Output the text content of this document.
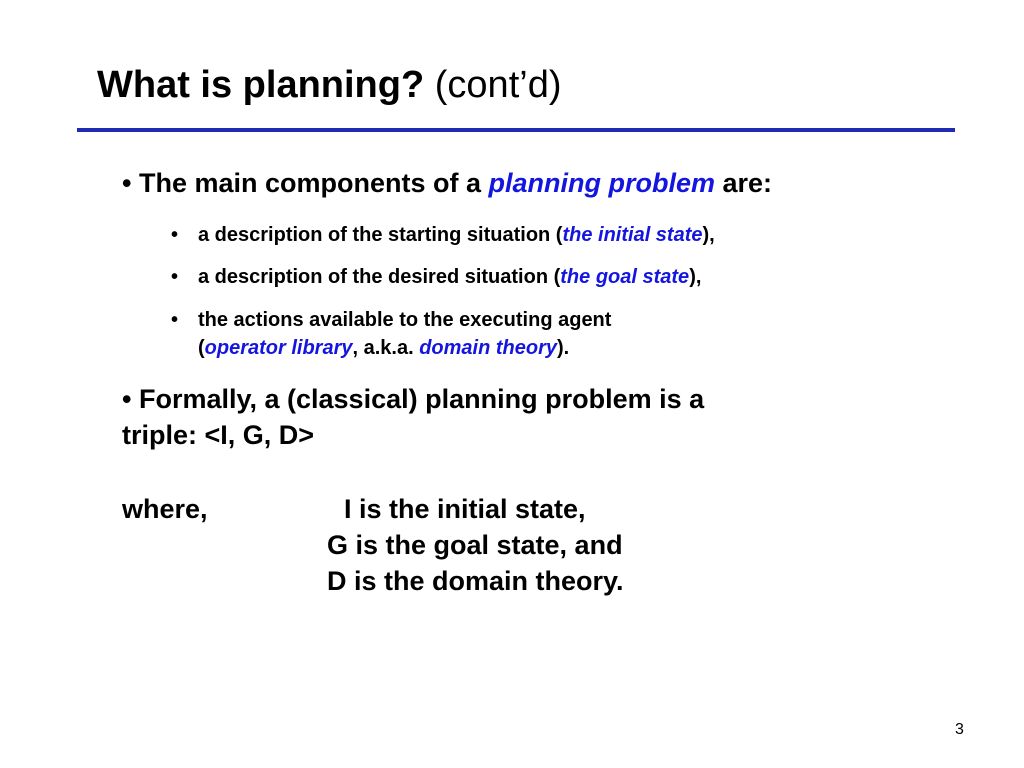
What is planning? (cont’d)
• The main components of a planning problem are:
• a description of the starting situation (the initial state),
• a description of the desired situation (the goal state),
• the actions available to the executing agent
(operator library, a.k.a. domain theory).
• Formally, a (classical) planning problem is a
triple: <I, G, D>
where,	I is the initial state,
G is the goal state, and
D is the domain theory.
3
